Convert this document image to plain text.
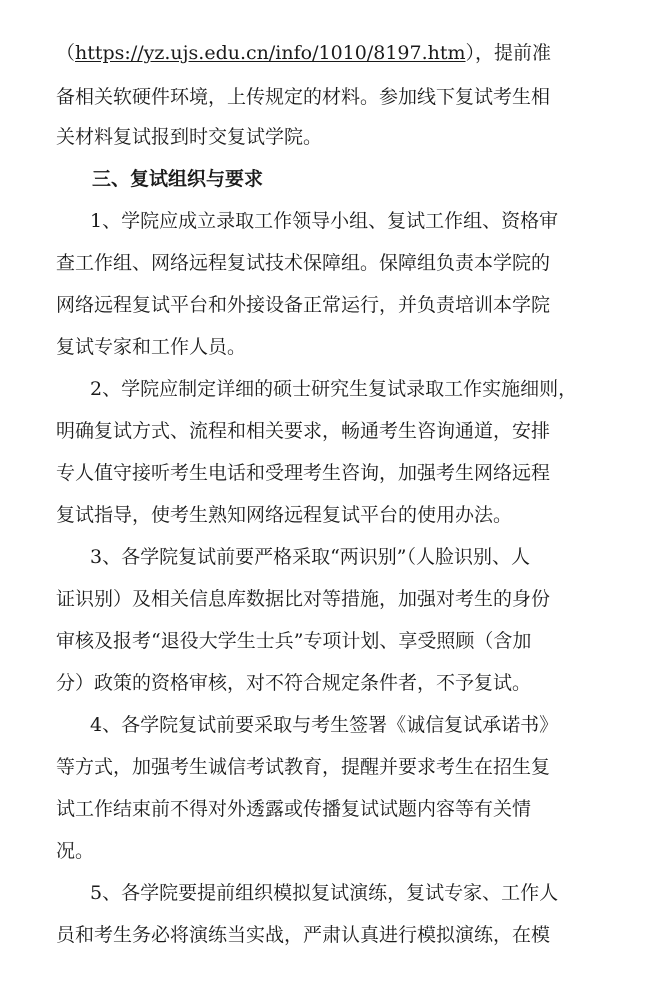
（https://yz.ujs.edu.cn/info/1010/8197.htm），提前准
备相关软硬件环境，上传规定的材料。参加线下复试考生相
关材料复试报到时交复试学院。
三、复试组织与要求
1、学院应成立录取工作领导小组、复试工作组、资格审
查工作组、网络远程复试技术保障组。保障组负责本学院的
网络远程复试平台和外接设备正常运行，并负责培训本学院
复试专家和工作人员。
2、学院应制定详细的硕士研究生复试录取工作实施细则，
明确复试方式、流程和相关要求，畅通考生咨询通道，安排
专人值守接听考生电话和受理考生咨询，加强考生网络远程
复试指导，使考生熟知网络远程复试平台的使用办法。
3、各学院复试前要严格采取“两识别”（人脸识别、人
证识别）及相关信息库数据比对等措施，加强对考生的身份
审核及报考“退役大学生士兵”专项计划、享受照顾（含加
分）政策的资格审核，对不符合规定条件者，不予复试。
4、各学院复试前要采取与考生签署《诚信复试承诺书》
等方式，加强考生诚信考试教育，提醒并要求考生在招生复
试工作结束前不得对外透露或传播复试试题内容等有关情
况。
5、各学院要提前组织模拟复试演练，复试专家、工作人
员和考生务必将演练当实战，严肃认真进行模拟演练，在模
